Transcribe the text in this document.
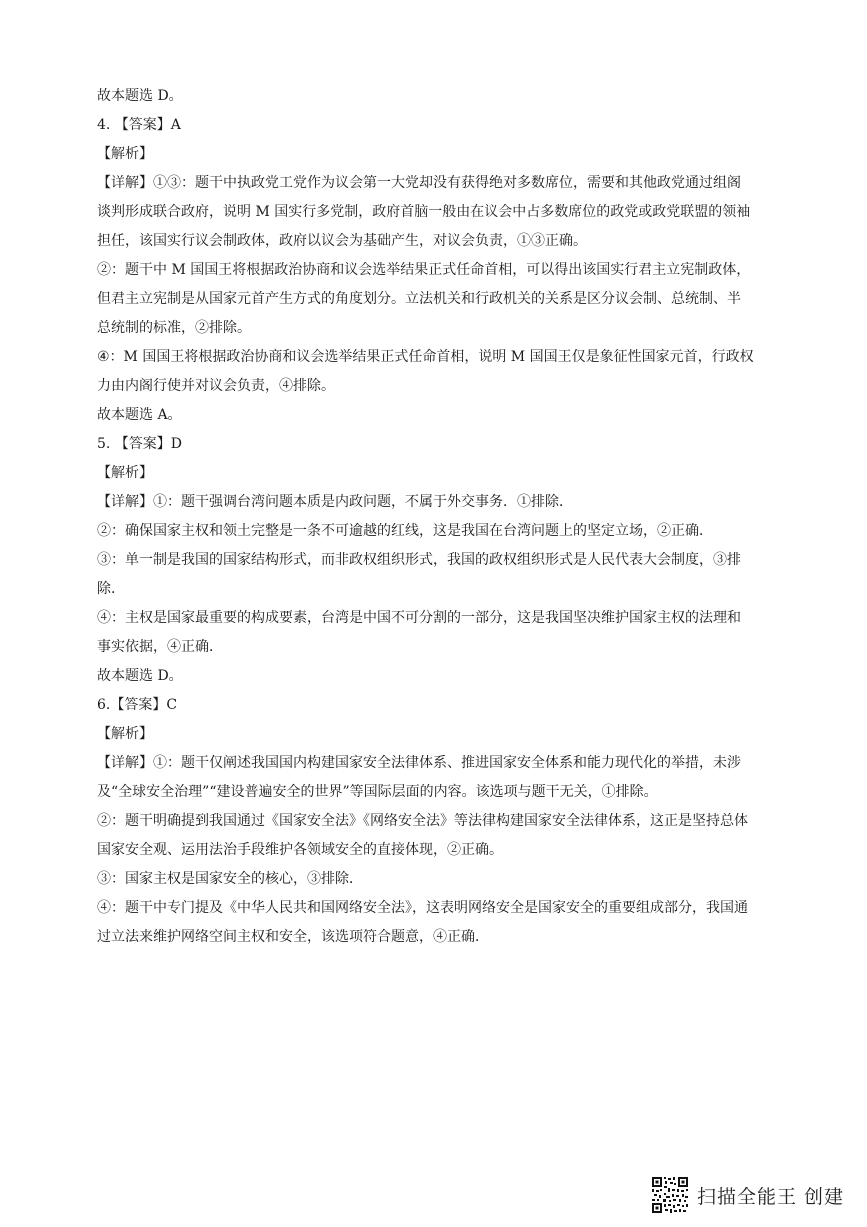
故本题选 D。
4. 【答案】A
【解析】
【详解】①③：题干中执政党工党作为议会第一大党却没有获得绝对多数席位，需要和其他政党通过组阁
谈判形成联合政府，说明 M 国实行多党制，政府首脑一般由在议会中占多数席位的政党或政党联盟的领袖
担任，该国实行议会制政体，政府以议会为基础产生，对议会负责，①③正确。
②：题干中 M 国国王将根据政治协商和议会选举结果正式任命首相，可以得出该国实行君主立宪制政体，
但君主立宪制是从国家元首产生方式的角度划分。立法机关和行政机关的关系是区分议会制、总统制、半
总统制的标准，②排除。
④：M 国国王将根据政治协商和议会选举结果正式任命首相，说明 M 国国王仅是象征性国家元首，行政权
力由内阁行使并对议会负责，④排除。
故本题选 A。
5. 【答案】D
【解析】
【详解】①：题干强调台湾问题本质是内政问题，不属于外交事务．①排除．
②：确保国家主权和领土完整是一条不可逾越的红线，这是我国在台湾问题上的坚定立场，②正确．
③：单一制是我国的国家结构形式，而非政权组织形式，我国的政权组织形式是人民代表大会制度，③排
除．
④：主权是国家最重要的构成要素，台湾是中国不可分割的一部分，这是我国坚决维护国家主权的法理和
事实依据，④正确．
故本题选 D。
6.【答案】C
【解析】
【详解】①：题干仅阐述我国国内构建国家安全法律体系、推进国家安全体系和能力现代化的举措，未涉
及“全球安全治理”“建设普遍安全的世界”等国际层面的内容。该选项与题干无关，①排除。
②：题干明确提到我国通过《国家安全法》《网络安全法》等法律构建国家安全法律体系，这正是坚持总体
国家安全观、运用法治手段维护各领域安全的直接体现，②正确。
③：国家主权是国家安全的核心，③排除．
④：题干中专门提及《中华人民共和国网络安全法》，这表明网络安全是国家安全的重要组成部分，我国通
过立法来维护网络空间主权和安全，该选项符合题意，④正确．
扫描全能王 创建
